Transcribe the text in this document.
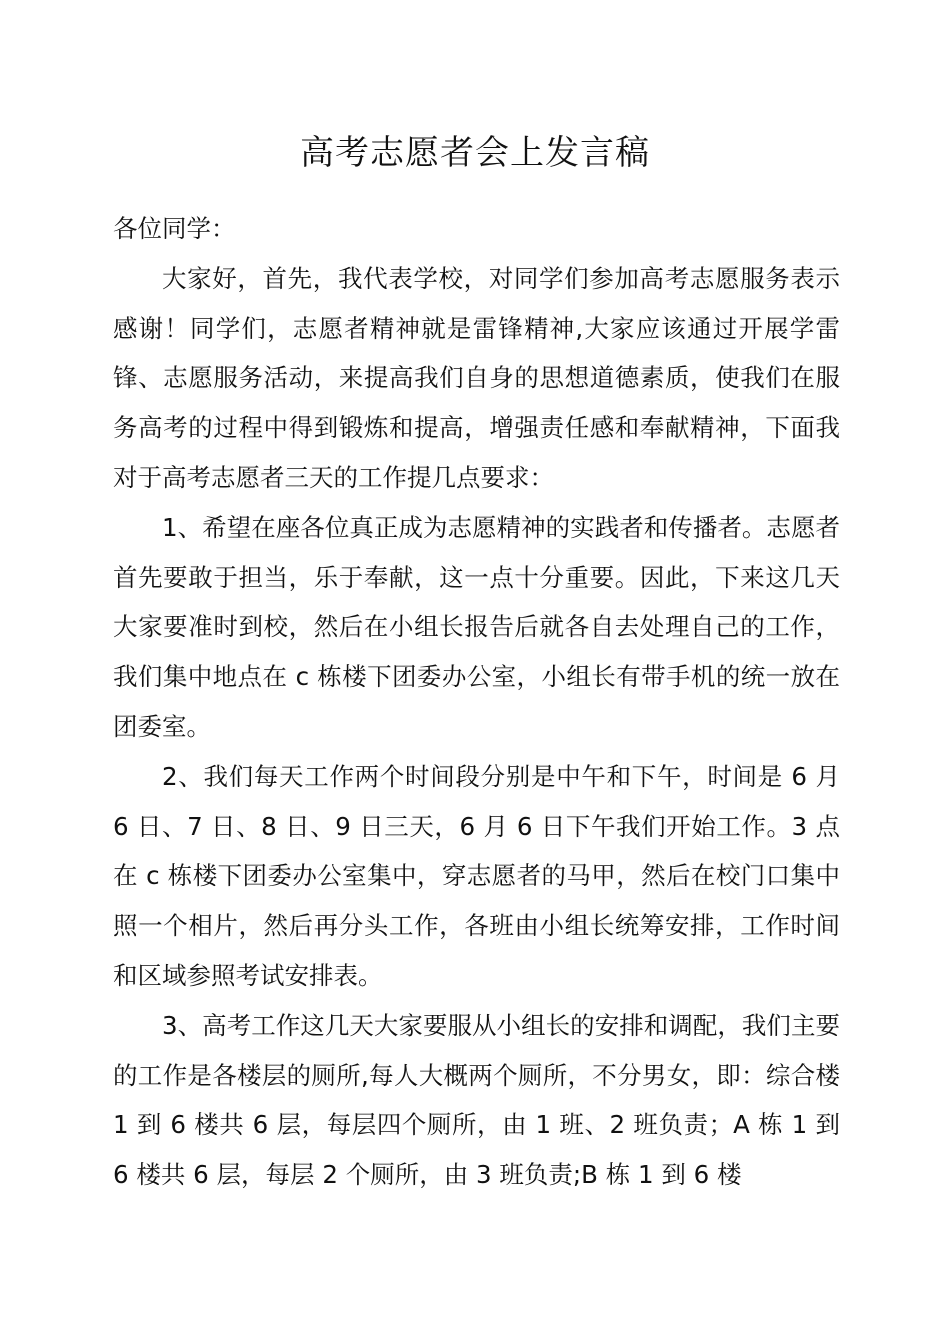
高考志愿者会上发言稿

各位同学：

大家好，首先，我代表学校，对同学们参加高考志愿服务表示感谢！同学们，志愿者精神就是雷锋精神,大家应该通过开展学雷锋、志愿服务活动，来提高我们自身的思想道德素质，使我们在服务高考的过程中得到锻炼和提高，增强责任感和奉献精神，下面我对于高考志愿者三天的工作提几点要求：

1、希望在座各位真正成为志愿精神的实践者和传播者。志愿者首先要敢于担当，乐于奉献，这一点十分重要。因此，下来这几天大家要准时到校，然后在小组长报告后就各自去处理自己的工作，我们集中地点在 c 栋楼下团委办公室，小组长有带手机的统一放在团委室。

2、我们每天工作两个时间段分别是中午和下午，时间是 6 月 6 日、7 日、8 日、9 日三天，6 月 6 日下午我们开始工作。3 点在 c 栋楼下团委办公室集中，穿志愿者的马甲，然后在校门口集中照一个相片，然后再分头工作，各班由小组长统筹安排，工作时间和区域参照考试安排表。

3、高考工作这几天大家要服从小组长的安排和调配，我们主要的工作是各楼层的厕所,每人大概两个厕所，不分男女，即：综合楼 1 到 6 楼共 6 层，每层四个厕所，由 1 班、2 班负责；A 栋 1 到 6 楼共 6 层，每层 2 个厕所，由 3 班负责;B 栋 1 到 6 楼
